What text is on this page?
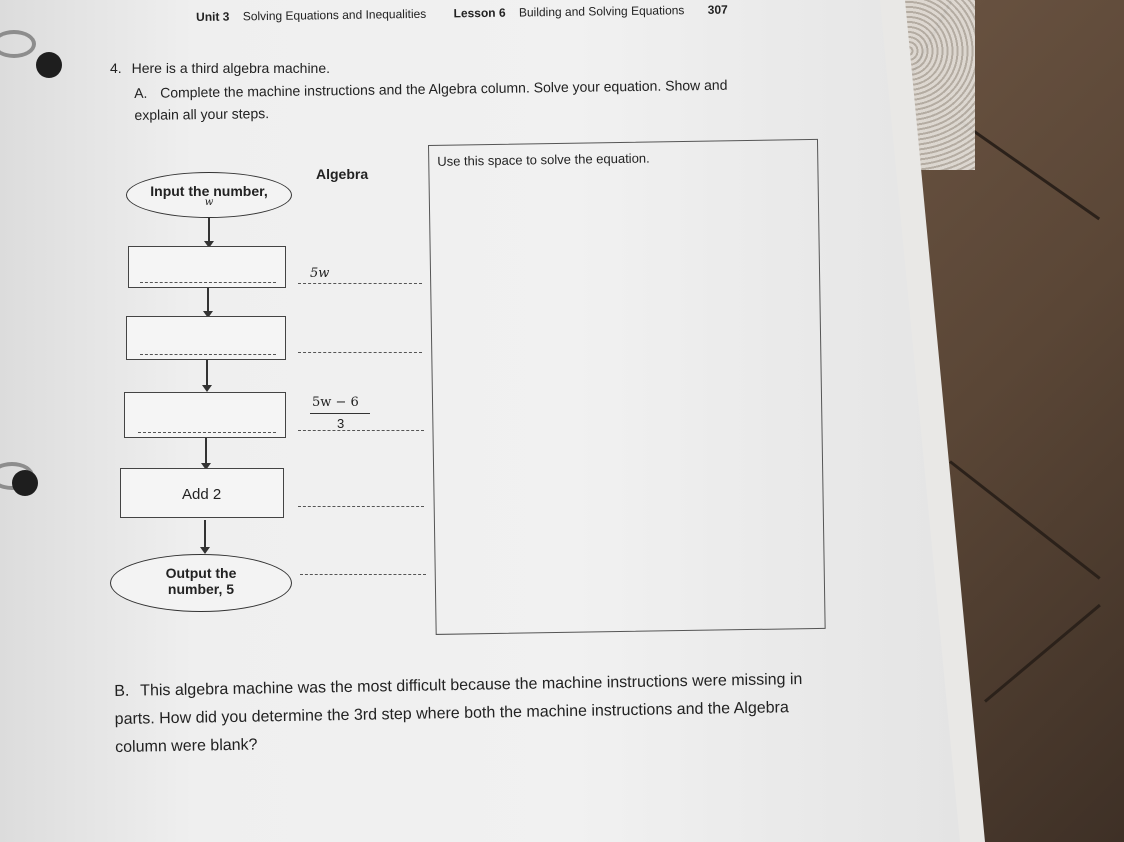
Unit 3 Solving Equations and Inequalities Lesson 6 Building and Solving Equations 307
4. Here is a third algebra machine.
A. Complete the machine instructions and the Algebra column. Solve your equation. Show and explain all your steps.
Input the number,
w
5w
5w − 6
3
Add 2
Output the
number, 5
Algebra
Use this space to solve the equation.
B. This algebra machine was the most difficult because the machine instructions were missing in parts. How did you determine the 3rd step where both the machine instructions and the Algebra column were blank?
